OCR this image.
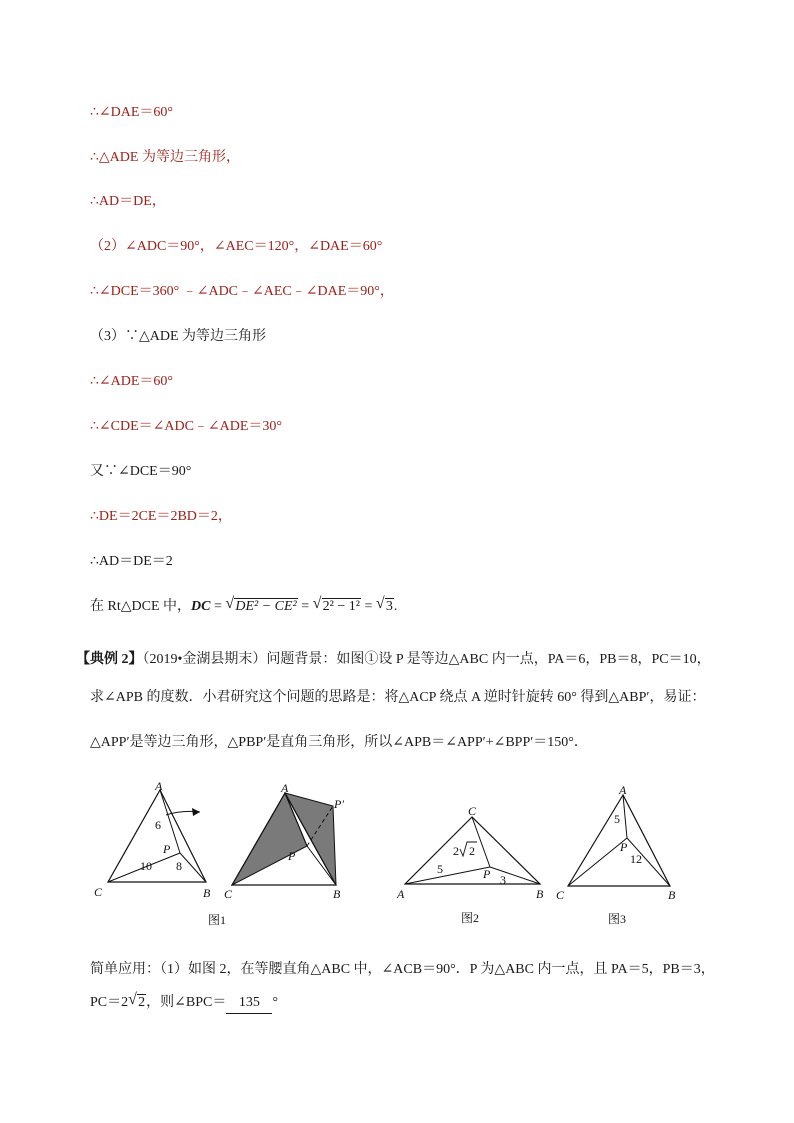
∴∠DAE＝60°
∴△ADE 为等边三角形，
∴AD＝DE，
（2）∠ADC＝90°，∠AEC＝120°，∠DAE＝60°
∴∠DCE＝360° ﹣∠ADC﹣∠AEC﹣∠DAE＝90°，
（3）∵△ADE 为等边三角形
∴∠ADE＝60°
∴∠CDE＝∠ADC﹣∠ADE＝30°
又∵∠DCE＝90°
∴DE＝2CE＝2BD＝2，
∴AD＝DE＝2
在 Rt△DCE 中，DC = √ DE² − CE² = √ 2² − 1² = √ 3.
【典例 2】（2019•金湖县期末）问题背景：如图①设 P 是等边△ABC 内一点，PA＝6，PB＝8，PC＝10，
求∠APB 的度数．小君研究这个问题的思路是：将△ACP 绕点 A 逆时针旋转 60° 得到△ABP′，易证：
△APP′是等边三角形，△PBP′是直角三角形，所以∠APB＝∠APP′+∠BPP′＝150°．
A
C	B
P
6
10 8
A
C	B
P
P′
图1
C
A	B
P
5
3
2 2
图2
A
C	B
P
5
12
图3
简单应用：（1）如图 2，在等腰直角△ABC 中，∠ACB＝90°．P 为△ABC 内一点，且 PA＝5，PB＝3，
PC＝2√ 2，则∠BPC＝ 135 °
